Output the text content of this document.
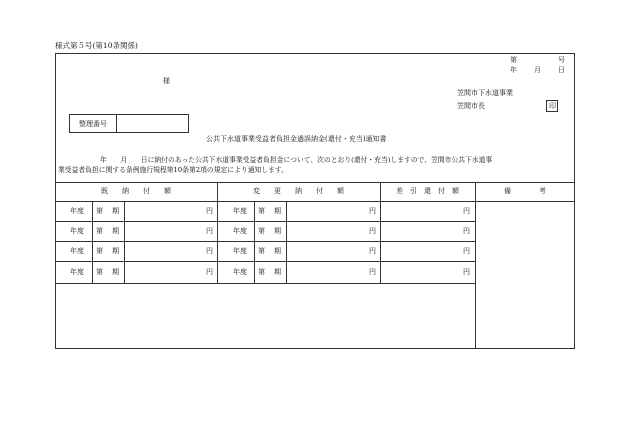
様式第５号(第10条関係)
第	号
年 月 日
様
笠間市下水道事業
笠間市長	印
整理番号
公共下水道事業受益者負担金過誤納金(還付・充当)通知書
年　　月　　日に納付のあった公共下水道事業受益者負担金について、次のとおり(還付・充当)しますので、笠間市公共下水道事
業受益者負担に関する条例施行規程第10条第2項の規定により通知します。
既　　納　　付　　額	変　　更　　納　　付　　額	差　引　還　付　額	備　　　　考
年度 第 期	円	年度 第 期	円	円
年度 第 期	円	年度 第 期	円	円
年度 第 期	円	年度 第 期	円	円
年度 第 期	円	年度 第 期	円	円
